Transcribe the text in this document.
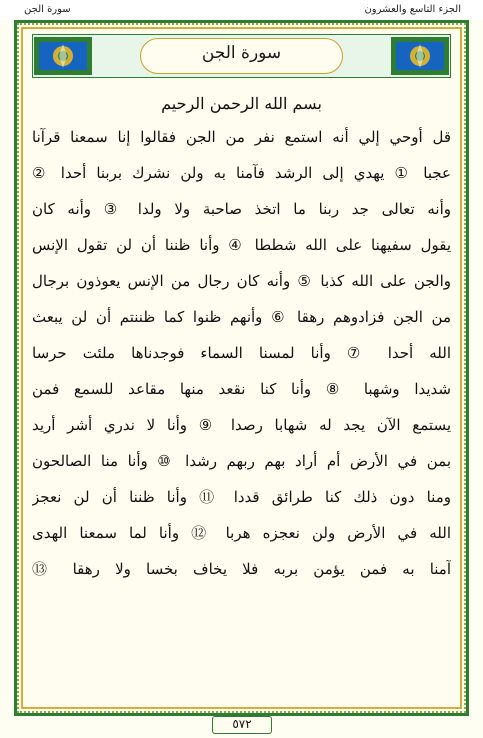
الجزء التاسع والعشرون
سورة الجن
سورة الجن
بسم الله الرحمن الرحيم
قل أوحي إلي أنه استمع نفر من الجن فقالوا إنا سمعنا قرآنا
عجبا ① يهدي إلى الرشد فآمنا به ولن نشرك بربنا أحدا ②
وأنه تعالى جد ربنا ما اتخذ صاحبة ولا ولدا ③ وأنه كان
يقول سفيهنا على الله شططا ④ وأنا ظننا أن لن تقول الإنس
والجن على الله كذبا ⑤ وأنه كان رجال من الإنس يعوذون برجال
من الجن فزادوهم رهقا ⑥ وأنهم ظنوا كما ظننتم أن لن يبعث
الله أحدا ⑦ وأنا لمسنا السماء فوجدناها ملئت حرسا
شديدا وشهبا ⑧ وأنا كنا نقعد منها مقاعد للسمع فمن
يستمع الآن يجد له شهابا رصدا ⑨ وأنا لا ندري أشر أريد
بمن في الأرض أم أراد بهم ربهم رشدا ⑩ وأنا منا الصالحون
ومنا دون ذلك كنا طرائق قددا ⑪ وأنا ظننا أن لن نعجز
الله في الأرض ولن نعجزه هربا ⑫ وأنا لما سمعنا الهدى
آمنا به فمن يؤمن بربه فلا يخاف بخسا ولا رهقا ⑬
٥٧٢
